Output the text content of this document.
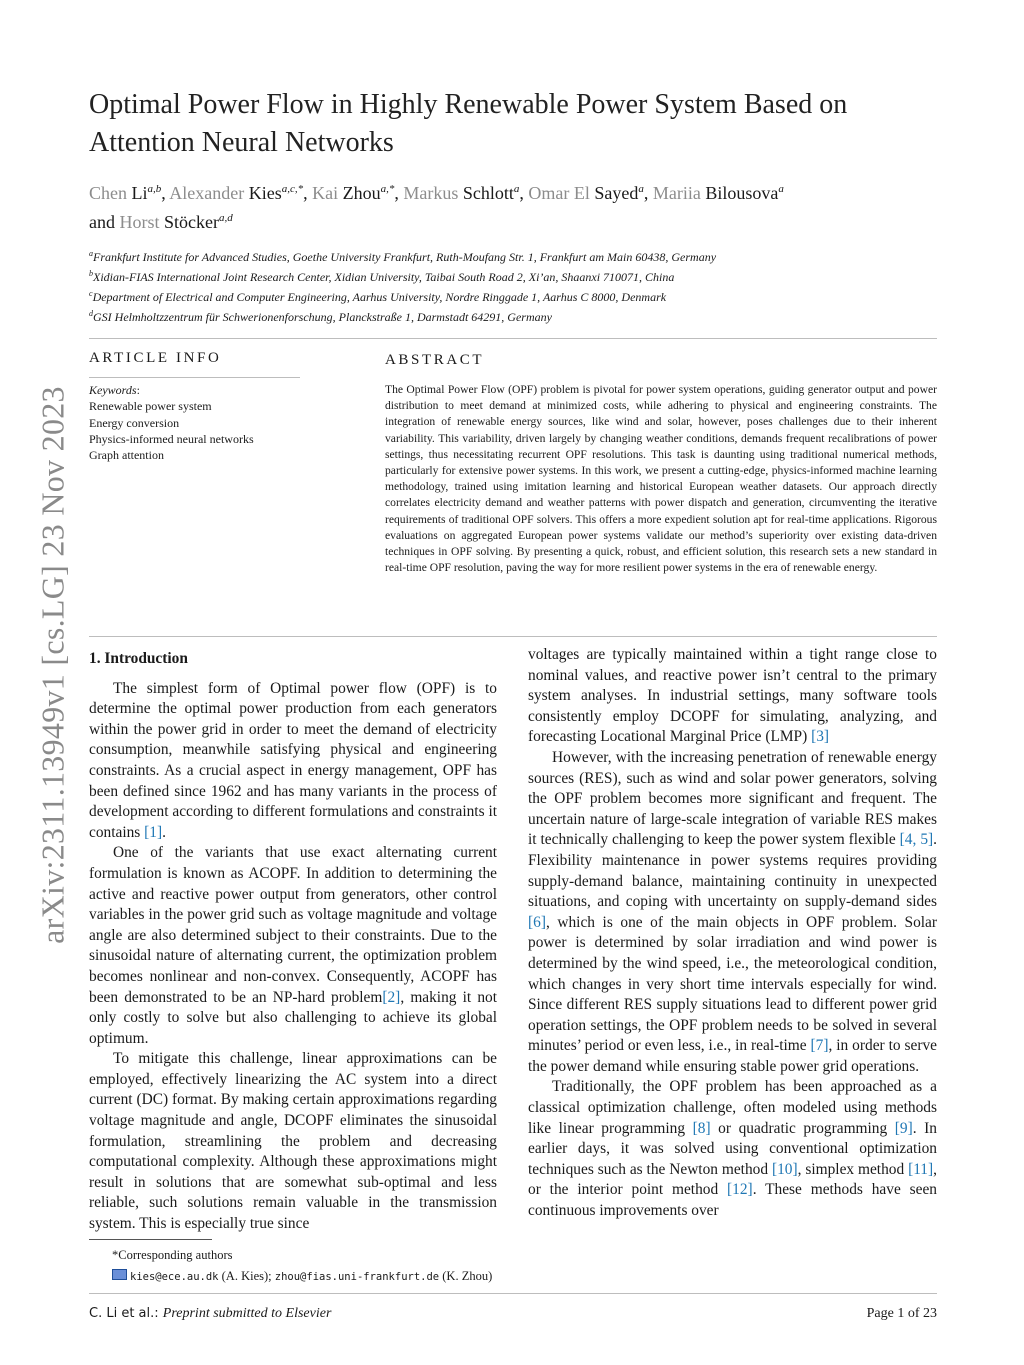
arXiv:2311.13949v1 [cs.LG] 23 Nov 2023
Optimal Power Flow in Highly Renewable Power System Based on
Attention Neural Networks
Chen Li$^{a,b}$, Alexander Kies$^{a,c,*}$, Kai Zhou$^{a,*}$, Markus Schlott$^a$, Omar El Sayed$^a$, Mariia Bilousova$^a$
and Horst Stöcker$^{a,d}$
$^a$Frankfurt Institute for Advanced Studies, Goethe University Frankfurt, Ruth-Moufang Str. 1, Frankfurt am Main 60438, Germany
$^b$Xidian-FIAS International Joint Research Center, Xidian University, Taibai South Road 2, Xi’an, Shaanxi 710071, China
$^c$Department of Electrical and Computer Engineering, Aarhus University, Nordre Ringgade 1, Aarhus C 8000, Denmark
$^d$GSI Helmholtzzentrum für Schwerionenforschung, Planckstraße 1, Darmstadt 64291, Germany
ARTICLE INFO	ABSTRACT
Keywords:
Renewable power system
Energy conversion
Physics-informed neural networks
Graph attention
The Optimal Power Flow (OPF) problem is pivotal for power system operations, guiding generator output and power distribution to meet demand at minimized costs, while adhering to physical and engineering constraints. The integration of renewable energy sources, like wind and solar, however, poses challenges due to their inherent variability. This variability, driven largely by changing weather conditions, demands frequent recalibrations of power settings, thus necessitating recurrent OPF resolutions. This task is daunting using traditional numerical methods, particularly for extensive power systems. In this work, we present a cutting-edge, physics-informed machine learning methodology, trained using imitation learning and historical European weather datasets. Our approach directly correlates electricity demand and weather patterns with power dispatch and generation, circumventing the iterative requirements of traditional OPF solvers. This offers a more expedient solution apt for real-time applications. Rigorous evaluations on aggregated European power systems validate our method’s superiority over existing data-driven techniques in OPF solving. By presenting a quick, robust, and efficient solution, this research sets a new standard in real-time OPF resolution, paving the way for more resilient power systems in the era of renewable energy.
1. Introduction

The simplest form of Optimal power flow (OPF) is to determine the optimal power production from each generators within the power grid in order to meet the demand of electricity consumption, meanwhile satisfying physical and engineering constraints. As a crucial aspect in energy management, OPF has been defined since 1962 and has many variants in the process of development according to different formulations and constraints it contains [1].

One of the variants that use exact alternating current formulation is known as ACOPF. In addition to determining the active and reactive power output from generators, other control variables in the power grid such as voltage magnitude and voltage angle are also determined subject to their constraints. Due to the sinusoidal nature of alternating current, the optimization problem becomes nonlinear and non-convex. Consequently, ACOPF has been demonstrated to be an NP-hard problem[2], making it not only costly to solve but also challenging to achieve its global optimum.

To mitigate this challenge, linear approximations can be employed, effectively linearizing the AC system into a direct current (DC) format. By making certain approximations regarding voltage magnitude and angle, DCOPF eliminates the sinusoidal formulation, streamlining the problem and decreasing computational complexity. Although these approximations might result in solutions that are somewhat sub-optimal and less reliable, such solutions remain valuable in the transmission system. This is especially true since

*Corresponding authors
kies@ece.au.dk (A. Kies); zhou@fias.uni-frankfurt.de (K. Zhou)

voltages are typically maintained within a tight range close to nominal values, and reactive power isn’t central to the primary system analyses. In industrial settings, many software tools consistently employ DCOPF for simulating, analyzing, and forecasting Locational Marginal Price (LMP) [3]

However, with the increasing penetration of renewable energy sources (RES), such as wind and solar power generators, solving the OPF problem becomes more significant and frequent. The uncertain nature of large-scale integration of variable RES makes it technically challenging to keep the power system flexible [4, 5]. Flexibility maintenance in power systems requires providing supply-demand balance, maintaining continuity in unexpected situations, and coping with uncertainty on supply-demand sides [6], which is one of the main objects in OPF problem. Solar power is determined by solar irradiation and wind power is determined by the wind speed, i.e., the meteorological condition, which changes in very short time intervals especially for wind. Since different RES supply situations lead to different power grid operation settings, the OPF problem needs to be solved in several minutes’ period or even less, i.e., in real-time [7], in order to serve the power demand while ensuring stable power grid operations.

Traditionally, the OPF problem has been approached as a classical optimization challenge, often modeled using methods like linear programming [8] or quadratic programming [9]. In earlier days, it was solved using conventional optimization techniques such as the Newton method [10], simplex method [11], or the interior point method [12]. These methods have seen continuous improvements over

C. Li et al.: Preprint submitted to Elsevier	Page 1 of 23
